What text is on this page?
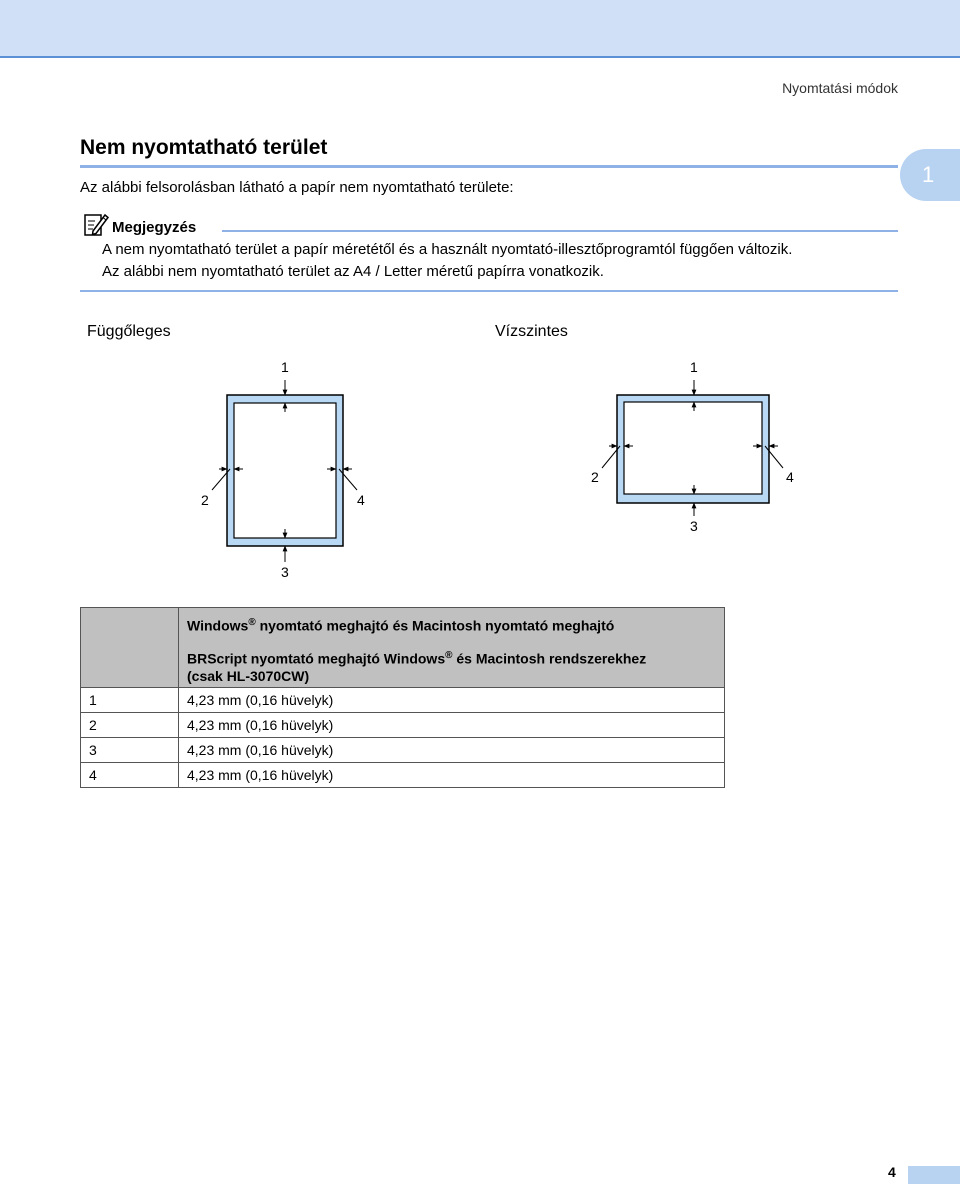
Nyomtatási módok
Nem nyomtatható terület
1
Az alábbi felsorolásban látható a papír nem nyomtatható területe:
Megjegyzés
A nem nyomtatható terület a papír méretétől és a használt nyomtató-illesztőprogramtól függően változik.
Az alábbi nem nyomtatható terület az A4 / Letter méretű papírra vonatkozik.
Függőleges	Vízszintes
1
3
2	4
1
3
2	4

	Windows® nyomtató meghajtó és Macintosh nyomtató meghajtó
BRScript nyomtató meghajtó Windows® és Macintosh rendszerekhez
(csak HL-3070CW)

1	4,23 mm (0,16 hüvelyk)
2	4,23 mm (0,16 hüvelyk)
3	4,23 mm (0,16 hüvelyk)
4	4,23 mm (0,16 hüvelyk)
4
